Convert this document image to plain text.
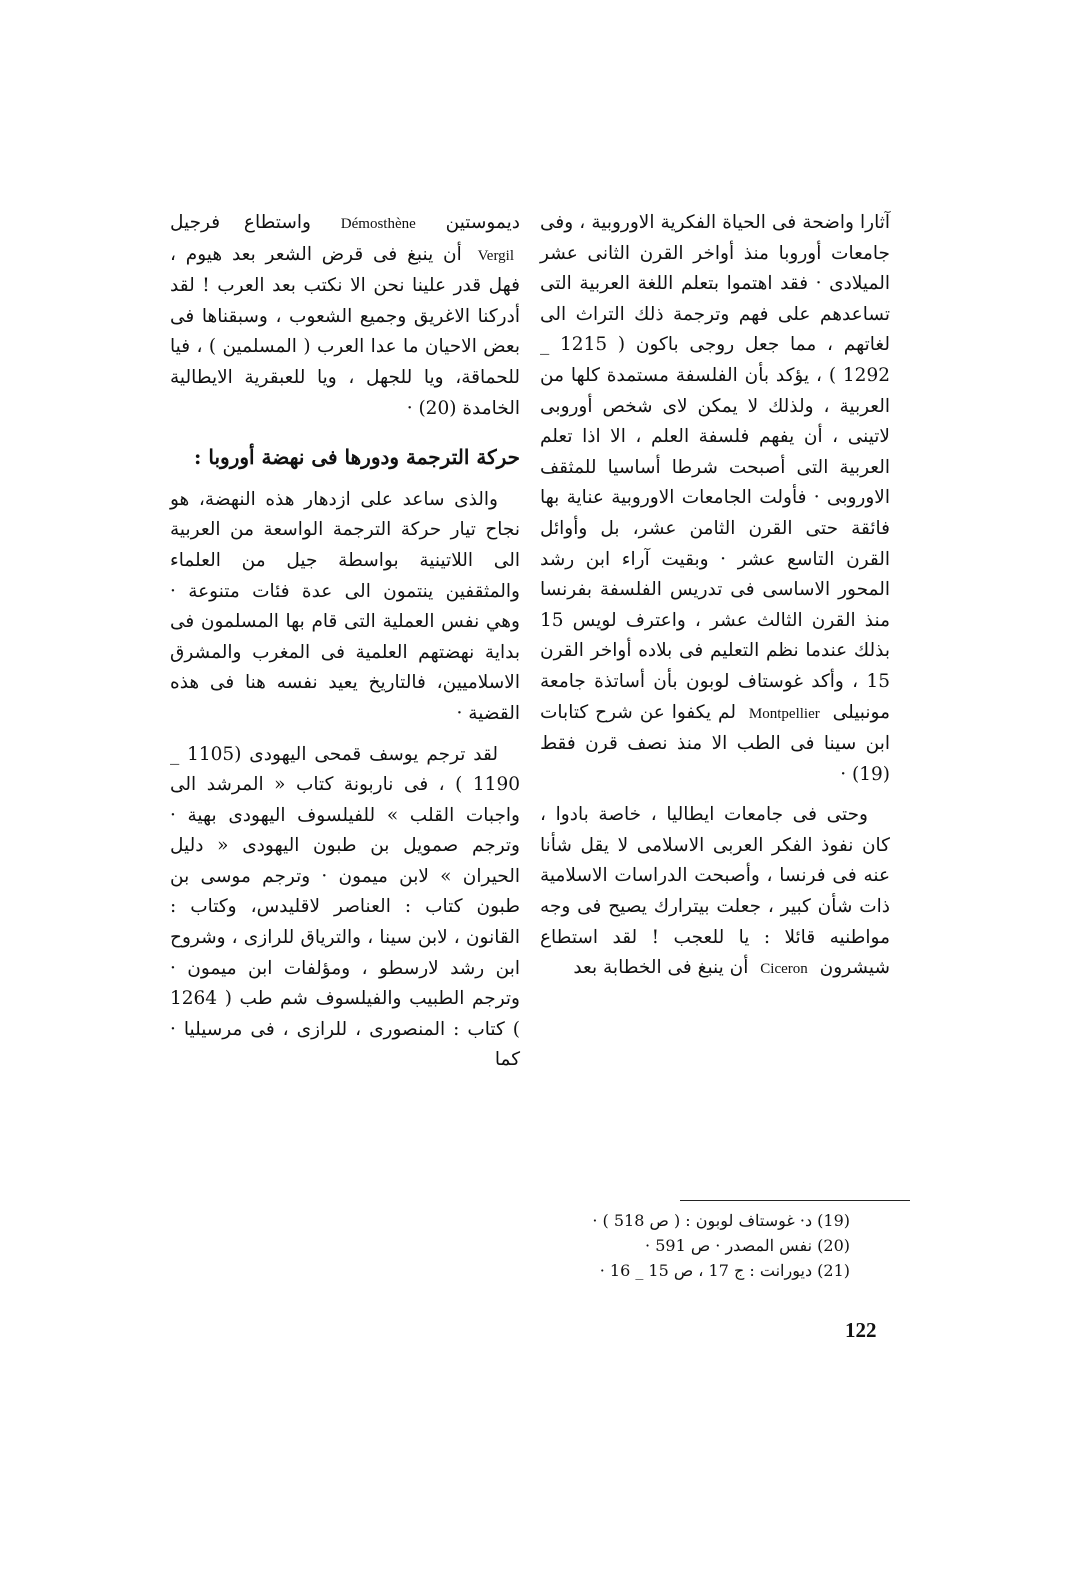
آثارا واضحة فى الحياة الفكرية الاوروبية ، وفى جامعات أوروبا منذ أواخر القرن الثانى عشر الميلادى · فقد اهتموا بتعلم اللغة العربية التى تساعدهم على فهم وترجمة ذلك التراث الى لغاتهم ، مما جعل روجى باكون ( 1215 _ 1292 ) ، يؤكد بأن الفلسفة مستمدة كلها من العربية ، ولذلك لا يمكن لاى شخص أوروبى لاتينى ، أن يفهم فلسفة العلم ، الا اذا تعلم العربية التى أصبحت شرطا أساسيا للمثقف الاوروبى · فأولت الجامعات الاوروبية عناية بها فائقة حتى القرن الثامن عشر، بل وأوائل القرن التاسع عشر · وبقيت آراء ابن رشد المحور الاساسى فى تدريس الفلسفة بفرنسا منذ القرن الثالث عشر ، واعترف لويس 15 بذلك عندما نظم التعليم فى بلاده أواخر القرن 15 ، وأكد غوستاف لوبون بأن أساتذة جامعة مونبيلى Montpellier لم يكفوا عن شرح كتابات ابن سينا فى الطب الا منذ نصف قرن فقط (19) ·

وحتى فى جامعات ايطاليا ، خاصة بادوا ، كان نفوذ الفكر العربى الاسلامى لا يقل شأنا عنه فى فرنسا ، وأصبحت الدراسات الاسلامية ذات شأن كبير ، جعلت بيترارك يصيح فى وجه مواطنيه قائلا : يا للعجب ! لقد استطاع شيشرون Ciceron أن ينبغ فى الخطابة بعد

ديموستين Démosthène واستطاع فرجيل Vergil أن ينبغ فى قرض الشعر بعد هيوم ، فهل قدر علينا نحن الا نكتب بعد العرب ! لقد أدركنا الاغريق وجميع الشعوب ، وسبقناها فى بعض الاحيان ما عدا العرب ( المسلمين ) ، فيا للحماقة، ويا للجهل ، ويا للعبقرية الايطالية الخامدة (20) ·

حركة الترجمة ودورها فى نهضة أوروبا :

والذى ساعد على ازدهار هذه النهضة، هو نجاح تيار حركة الترجمة الواسعة من العربية الى اللاتينية بواسطة جيل من العلماء والمثقفين ينتمون الى عدة فئات متنوعة · وهي نفس العملية التى قام بها المسلمون فى بداية نهضتهم العلمية فى المغرب والمشرق الاسلاميين، فالتاريخ يعيد نفسه هنا فى هذه القضية ·

لقد ترجم يوسف قمحى اليهودى (1105 _ 1190 ) ، فى ناربونة كتاب « المرشد الى واجبات القلب » للفيلسوف اليهودى بهية · وترجم صمويل بن طبون اليهودى « دليل الحيران » لابن ميمون · وترجم موسى بن طبون كتاب : العناصر لاقليدس، وكتاب : القانون ، لابن سينا ، والترياق للرازى ، وشروح ابن رشد لارسطو ، ومؤلفات ابن ميمون · وترجم الطبيب والفيلسوف شم طب ( 1264 ) كتاب : المنصورى ، للرازى ، فى مرسيليا · كما

(19) د· غوستاف لوبون : ( ص 518 ) ·
(20) نفس المصدر · ص 591 ·
(21) ديورانت : ج 17 ، ص 15 _ 16 ·
122
